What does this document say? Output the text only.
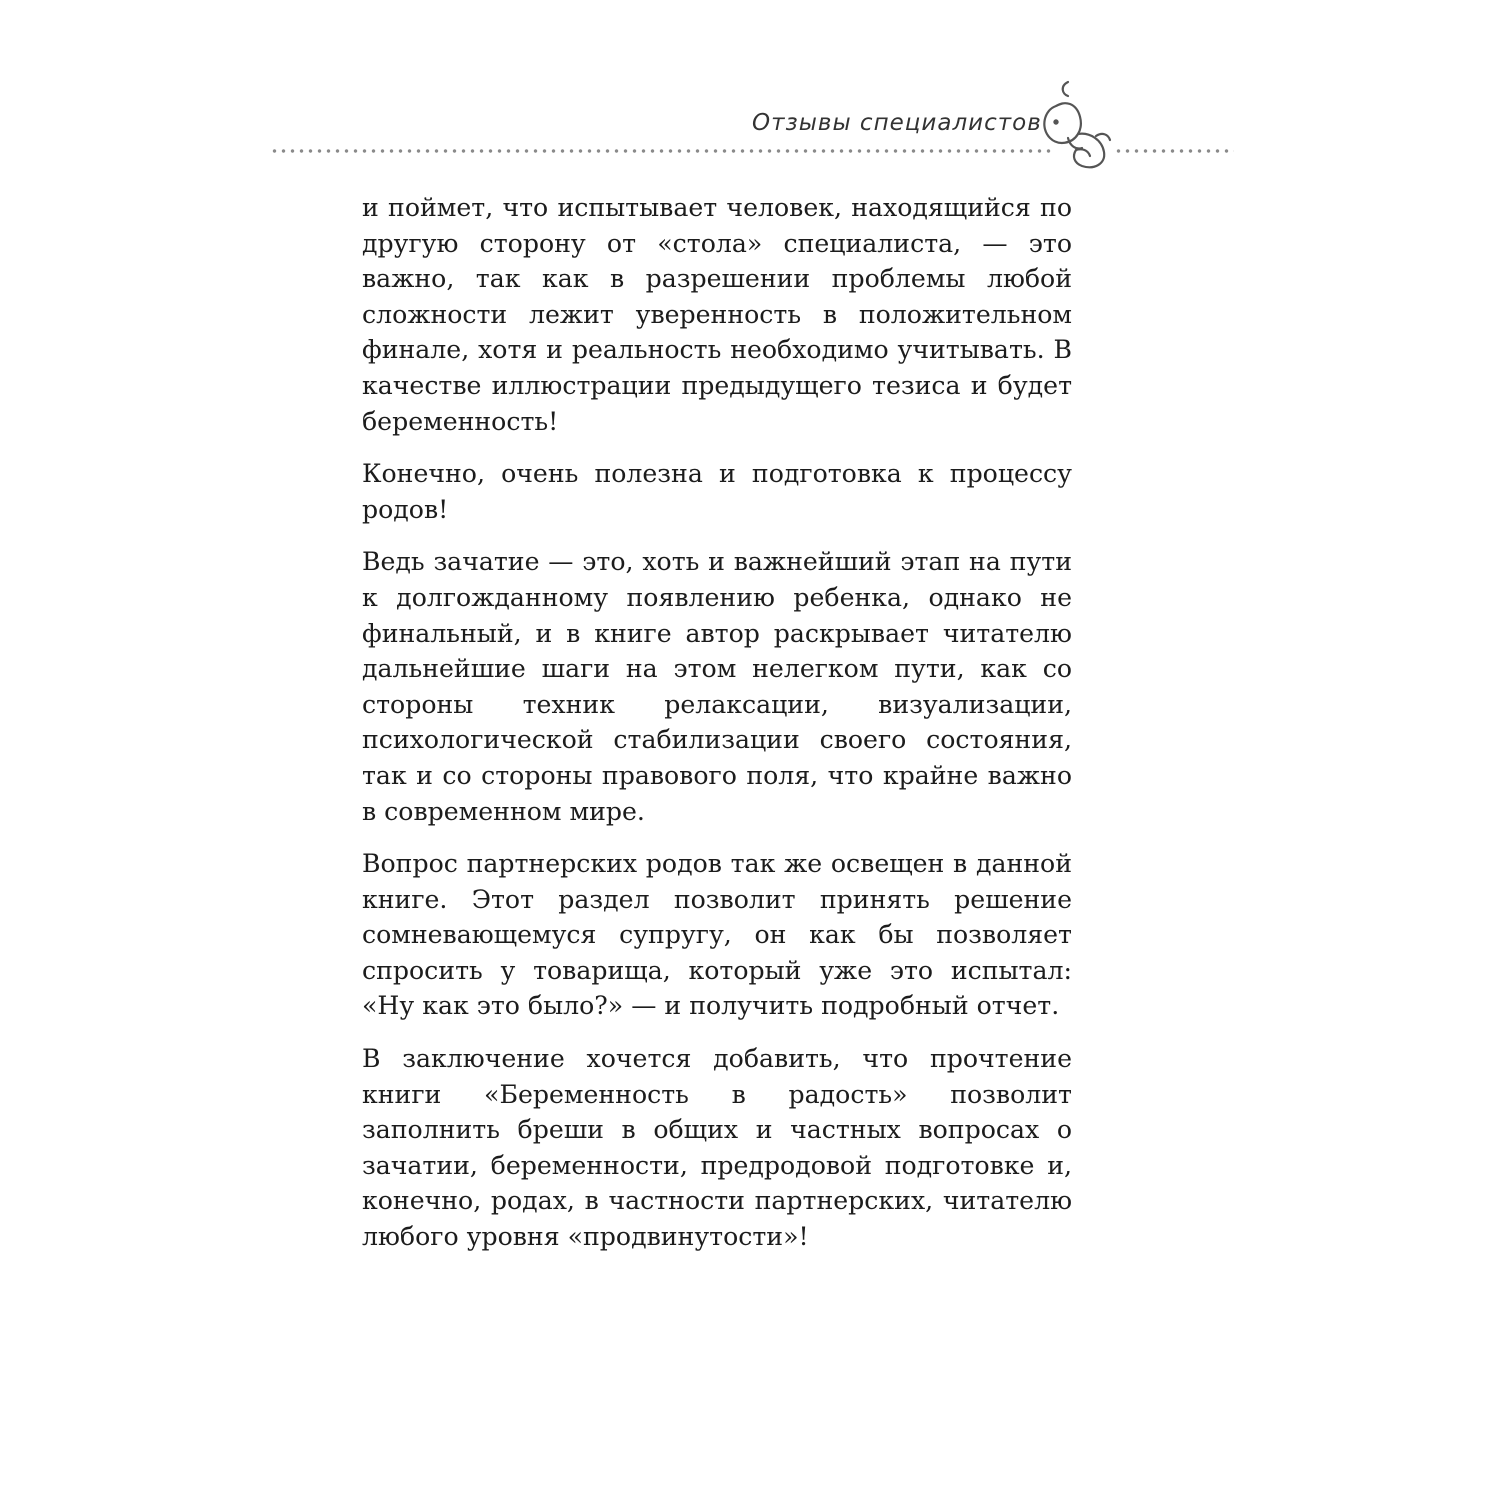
Отзывы специалистов

и поймет, что испытывает человек, находящийся по другую сторону от «стола» специалиста, — это важно, так как в разрешении проблемы любой сложности лежит уверенность в положительном финале, хотя и реальность необходимо учитывать. В качестве иллюстрации предыдущего тезиса и будет беременность!

Конечно, очень полезна и подготовка к процессу родов!

Ведь зачатие — это, хоть и важнейший этап на пути к долгожданному появлению ребенка, однако не финальный, и в книге автор раскрывает читателю дальнейшие шаги на этом нелегком пути, как со стороны техник релаксации, визуализации, психологической стабилизации своего состояния, так и со стороны правового поля, что крайне важно в современном мире.

Вопрос партнерских родов так же освещен в данной книге. Этот раздел позволит принять решение сомневающемуся супругу, он как бы позволяет спросить у товарища, который уже это испытал: «Ну как это было?» — и получить подробный отчет.

В заключение хочется добавить, что прочтение книги «Беременность в радость» позволит заполнить бреши в общих и частных вопросах о зачатии, беременности, предродовой подготовке и, конечно, родах, в частности партнерских, читателю любого уровня «продвинутости»!
